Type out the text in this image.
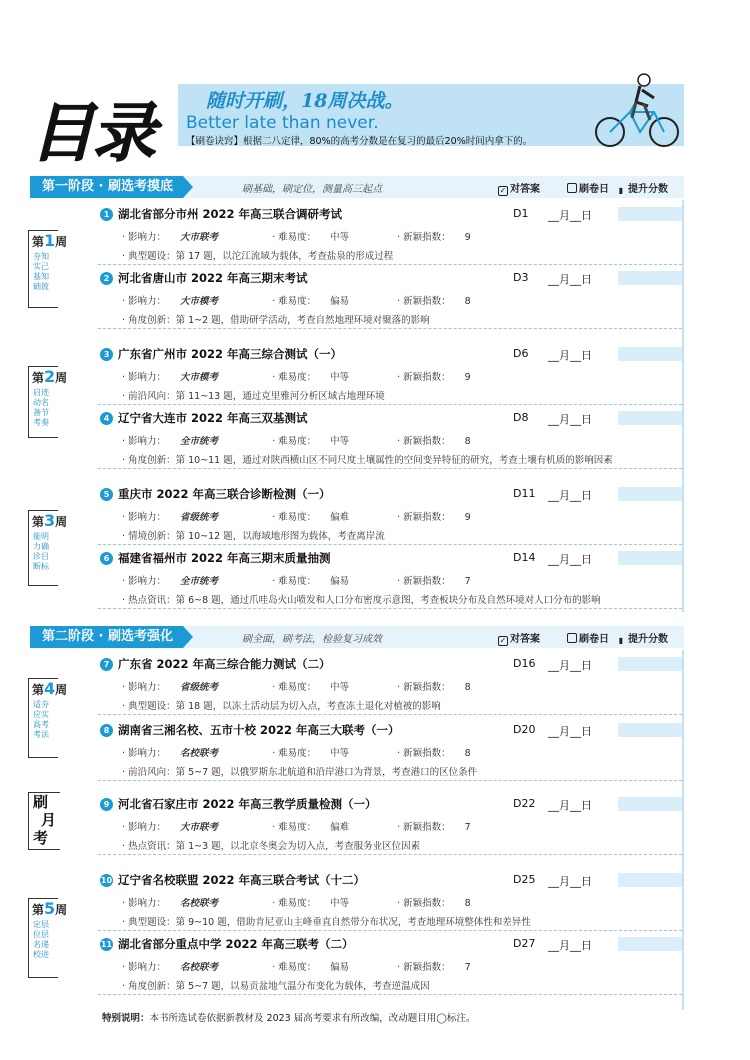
目录	随时开刷，18周决战。
Better late than never.
【刷卷诀窍】根据二八定律，80%的高考分数是在复习的最后20%时间内拿下的。
第一阶段 · 刷选考摸底	刷基础，刷定位，测量高三起点	✓ 对答案	刷卷日	▮ 提升分数
第二阶段 · 刷选考强化	刷全面，刷考法，检验复习成效	✓ 对答案	刷卷日	▮ 提升分数
第1周
夯知
实己
基知
础彼
第2周
启迹
动名
备节
考奏
第3周
能明
力确
诊目
断标
第4周
适夯
应实
高考
考法
刷
月
考
第5周
定层
位层
名递
校进
1 湖北省部分市州 2022 年高三联合调研考试	D1 __月__日
· 影响力： 大市联考	· 难易度： 中等	· 新颖指数： 9
· 典型题设：第 17 题，以沱江流域为载体，考查盐泉的形成过程
2 河北省唐山市 2022 年高三期末考试	D3 __月__日
· 影响力： 大市模考	· 难易度： 偏易	· 新颖指数： 8
· 角度创新：第 1~2 题，借助研学活动，考查自然地理环境对聚落的影响
3 广东省广州市 2022 年高三综合测试（一）	D6 __月__日
· 影响力： 大市模考	· 难易度： 中等	· 新颖指数： 9
· 前沿风向：第 11~13 题，通过克里雅河分析区域古地理环境
4 辽宁省大连市 2022 年高三双基测试	D8 __月__日
· 影响力： 全市统考	· 难易度： 中等	· 新颖指数： 8
· 角度创新：第 10~11 题，通过对陕西横山区不同尺度土壤属性的空间变异特征的研究，考查土壤有机质的影响因素
5 重庆市 2022 年高三联合诊断检测（一）	D11 __月__日
· 影响力： 省级统考	· 难易度： 偏难	· 新颖指数： 9
· 情境创新：第 10~12 题，以海域地形图为载体，考查离岸流
6 福建省福州市 2022 年高三期末质量抽测	D14 __月__日
· 影响力： 全市统考	· 难易度： 偏易	· 新颖指数： 7
· 热点资讯：第 6~8 题，通过爪哇岛火山喷发和人口分布密度示意图，考查板块分布及自然环境对人口分布的影响
7 广东省 2022 年高三综合能力测试（二）	D16 __月__日
· 影响力： 省级统考	· 难易度： 中等	· 新颖指数： 8
· 典型题设：第 18 题，以冻土活动层为切入点，考查冻土退化对植被的影响
8 湖南省三湘名校、五市十校 2022 年高三大联考（一）	D20 __月__日
· 影响力： 名校联考	· 难易度： 中等	· 新颖指数： 8
· 前沿风向：第 5~7 题，以俄罗斯东北航道和沿岸港口为背景，考查港口的区位条件
9 河北省石家庄市 2022 年高三教学质量检测（一）	D22 __月__日
· 影响力： 大市联考	· 难易度： 偏难	· 新颖指数： 7
· 热点资讯：第 1~3 题，以北京冬奥会为切入点，考查服务业区位因素
10 辽宁省名校联盟 2022 年高三联合考试（十二）	D25 __月__日
· 影响力： 名校联考	· 难易度： 中等	· 新颖指数： 8
· 典型题设：第 9~10 题，借助肯尼亚山主峰垂直自然带分布状况，考查地理环境整体性和差异性
11 湖北省部分重点中学 2022 年高三联考（二）	D27 __月__日
· 影响力： 名校联考	· 难易度： 偏易	· 新颖指数： 7
· 角度创新：第 5~7 题，以易贡盆地气温分布变化为载体，考查逆温成因
特别说明：本书所选试卷依据新教材及 2023 届高考要求有所改编，改动题目用◯标注。
